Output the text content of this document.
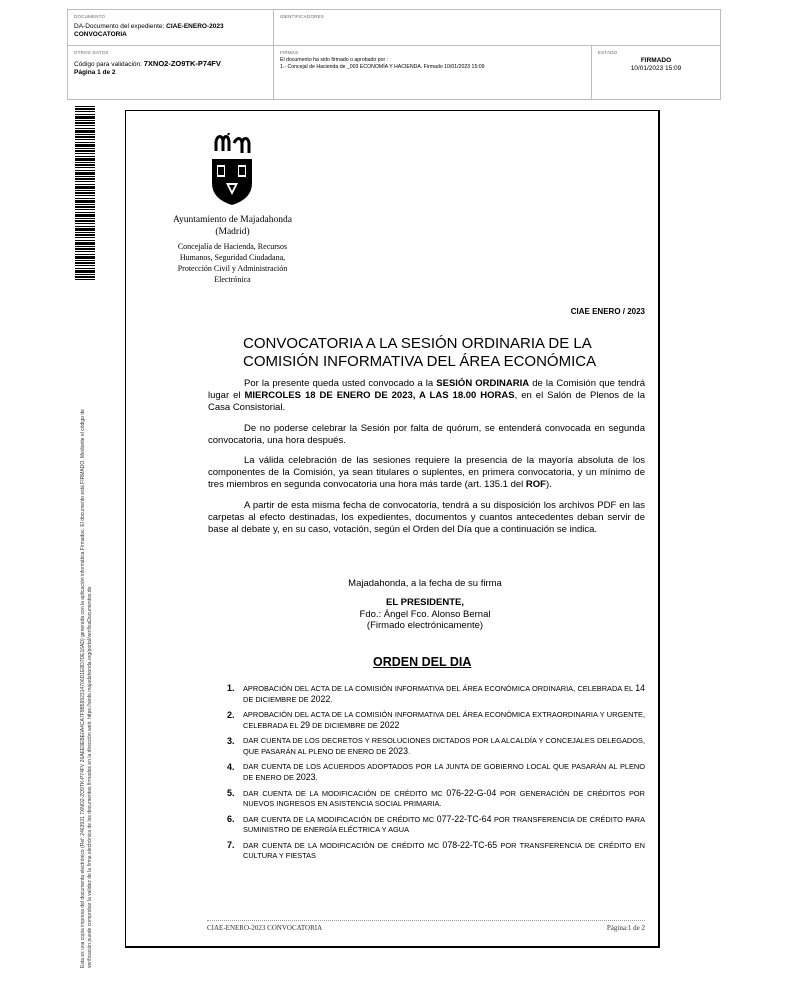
DOCUMENTO
DA-Documento del expediente: CIAE-ENERO-2023
CONVOCATORIA
IDENTIFICADORES
OTROS DATOS
Código para validación: 7XNO2-ZO9TK-P74FV
Página 1 de 2
FIRMAS
El documento ha sido firmado o aprobado por :
1.- Concejal de Hacienda de _003 ECONOMÍA Y HACIENDA. Firmado 10/01/2023 15:09
ESTADO
FIRMADO
10/01/2023 15:09
Esta es una copia impresa del documento electrónico (Ref: 2463931 7XNO2-ZO9TK-P74FV 26AEE9EBE0A4CA7F9B5992314706D1E8D7DE16AD) generada con la aplicación informática Firmadoc. El documento está FIRMADO. Mediante el código de verificación puede comprobar la validez de la firma electrónica de los documentos firmados en la dirección web: https://sede.majadahonda.org/portal/verificaDocumentos.do
Ayuntamiento de Majadahonda
(Madrid)
Concejalía de Hacienda, Recursos
Humanos, Seguridad Ciudadana,
Protección Civil y Administración
Electrónica
CIAE ENERO / 2023
CONVOCATORIA A LA SESIÓN ORDINARIA DE LA
COMISIÓN INFORMATIVA DEL ÁREA ECONÓMICA

Por la presente queda usted convocado a la SESIÓN ORDINARIA de la Comisión que tendrá lugar el MIERCOLES 18 DE ENERO DE 2023, A LAS 18.00 HORAS, en el Salón de Plenos de la Casa Consistorial.

De no poderse celebrar la Sesión por falta de quórum, se entenderá convocada en segunda convocatoria, una hora después.

La válida celebración de las sesiones requiere la presencia de la mayoría absoluta de los componentes de la Comisión, ya sean titulares o suplentes, en primera convocatoria, y un mínimo de tres miembros en segunda convocatoria una hora más tarde (art. 135.1 del ROF).

A partir de esta misma fecha de convocatoria, tendrá a su disposición los archivos PDF en las carpetas al efecto destinadas, los expedientes, documentos y cuantos antecedentes deban servir de base al debate y, en su caso, votación, según el Orden del Día que a continuación se indica.

Majadahonda, a la fecha de su firma
EL PRESIDENTE,
Fdo.: Ángel Fco. Alonso Bernal
(Firmado electrónicamente)
ORDEN DEL DIA
1. APROBACIÓN DEL ACTA DE LA COMISIÓN INFORMATIVA DEL ÁREA ECONÓMICA ORDINARIA, CELEBRADA EL 14 DE DICIEMBRE DE 2022.
2. APROBACIÓN DEL ACTA DE LA COMISIÓN INFORMATIVA DEL ÁREA ECONÓMICA EXTRAORDINARIA Y URGENTE, CELEBRADA EL 29 DE DICIEMBRE DE 2022
3. DAR CUENTA DE LOS DECRETOS Y RESOLUCIONES DICTADOS POR LA ALCALDÍA Y CONCEJALES DELEGADOS, QUE PASARÁN AL PLENO DE ENERO DE 2023.
4. DAR CUENTA DE LOS ACUERDOS ADOPTADOS POR LA JUNTA DE GOBIERNO LOCAL QUE PASARÁN AL PLENO DE ENERO DE 2023.
5. DAR CUENTA DE LA MODIFICACIÓN DE CRÉDITO MC 076-22-G-04 POR GENERACIÓN DE CRÉDITOS POR NUEVOS INGRESOS EN ASISTENCIA SOCIAL PRIMARIA.
6. DAR CUENTA DE LA MODIFICACIÓN DE CRÉDITO MC 077-22-TC-64 POR TRANSFERENCIA DE CRÉDITO PARA SUMINISTRO DE ENERGÍA ELÉCTRICA Y AGUA
7. DAR CUENTA DE LA MODIFICACIÓN DE CRÉDITO MC 078-22-TC-65 POR TRANSFERENCIA DE CRÉDITO EN CULTURA Y FIESTAS
CIAE-ENERO-2023 CONVOCATORIA	Página:1 de 2
